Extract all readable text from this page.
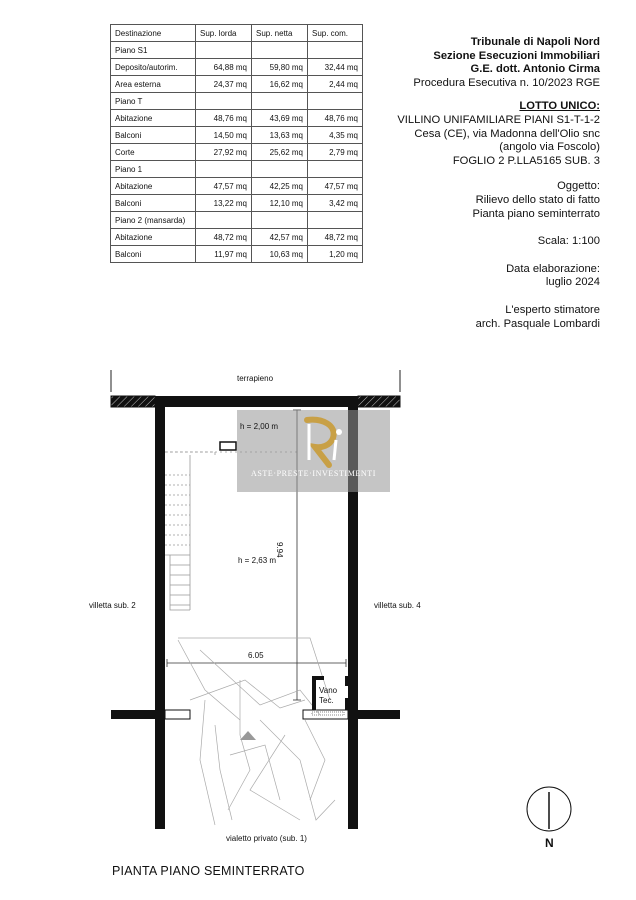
Destinazione	Sup. lorda	Sup. netta	Sup. com.
Piano S1			
Deposito/autorim.	64,88 mq	59,80 mq	32,44 mq
Area esterna	24,37 mq	16,62 mq	2,44 mq
Piano T			
Abitazione	48,76 mq	43,69 mq	48,76 mq
Balconi	14,50 mq	13,63 mq	4,35 mq
Corte	27,92 mq	25,62 mq	2,79 mq
Piano 1			
Abitazione	47,57 mq	42,25 mq	47,57 mq
Balconi	13,22 mq	12,10 mq	3,42 mq
Piano 2 (mansarda)			
Abitazione	48,72 mq	42,57 mq	48,72 mq
Balconi	11,97 mq	10,63 mq	1,20 mq
Tribunale di Napoli Nord
Sezione Esecuzioni Immobiliari
G.E. dott. Antonio Cirma
Procedura Esecutiva n. 10/2023 RGE
LOTTO UNICO:
VILLINO UNIFAMILIARE PIANI S1-T-1-2
Cesa (CE), via Madonna dell'Olio snc
(angolo via Foscolo)
FOGLIO 2 P.LLA5165 SUB. 3
Oggetto:
Rilievo dello stato di fatto
Pianta piano seminterrato
Scala: 1:100
Data elaborazione:
luglio 2024
L'esperto stimatore
arch. Pasquale Lombardi
ASTE·PRESTE·INVESTIMENTI
terrapieno
h = 2,00 m
h = 2,63 m
villetta sub. 2	villetta sub. 4
9.94
6.05
Vano
Tec.
vialetto privato (sub. 1)	N
PIANTA PIANO SEMINTERRATO
